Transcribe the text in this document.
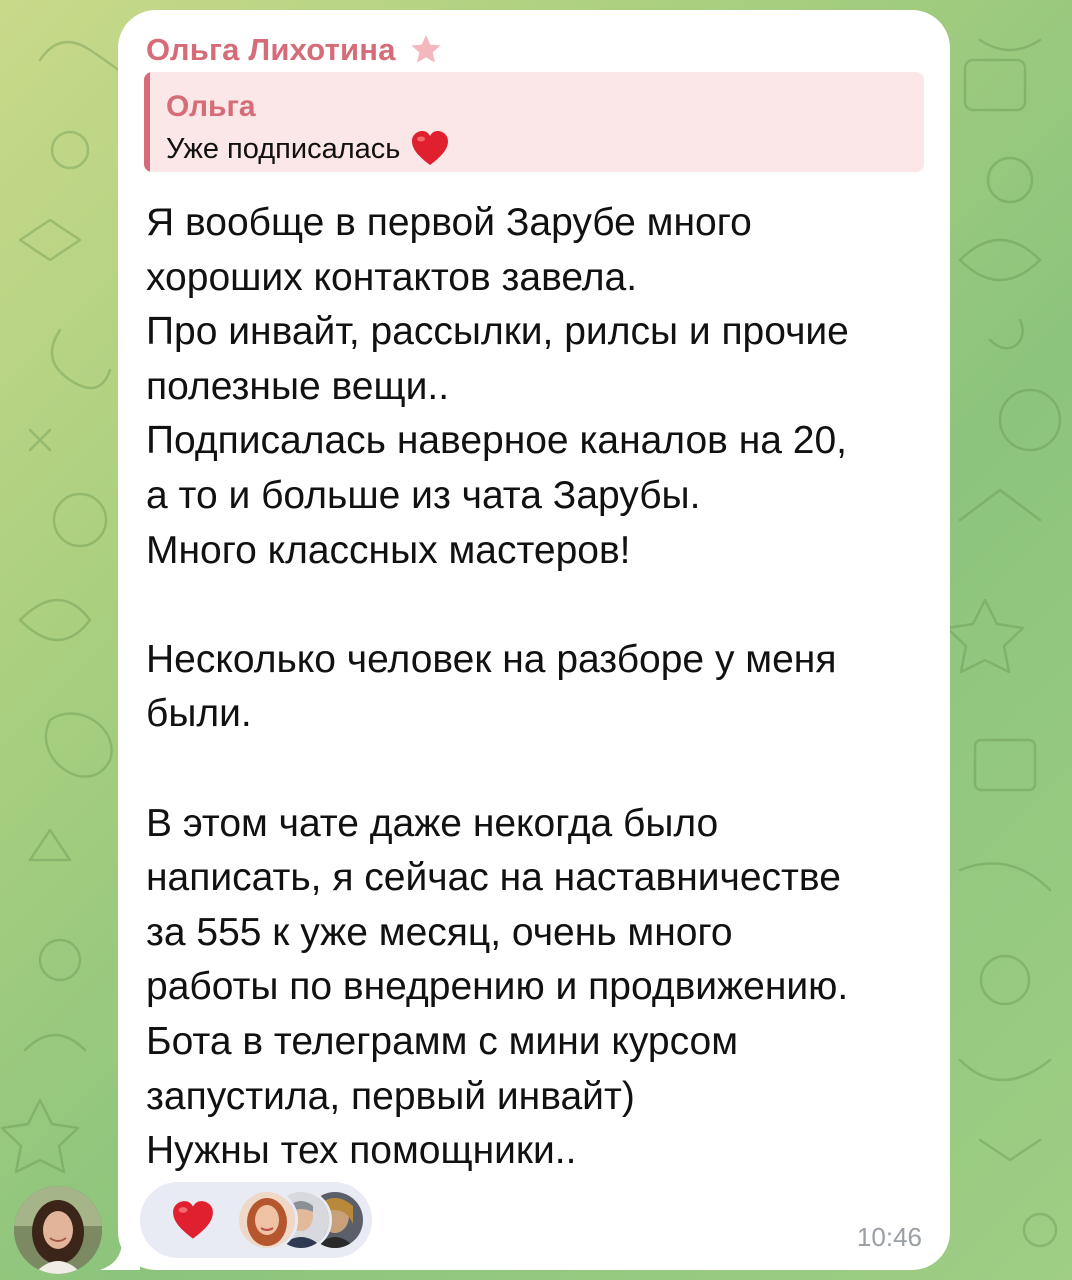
Ольга Лихотина
Ольга
Уже подписалась
Я вообще в первой Зарубе много
хороших контактов завела.
Про инвайт, рассылки, рилсы и прочие
полезные вещи..
Подписалась наверное каналов на 20,
а то и больше из чата Зарубы.
Много классных мастеров!
Несколько человек на разборе у меня
были.
В этом чате даже некогда было
написать, я сейчас на наставничестве
за 555 к уже месяц, очень много
работы по внедрению и продвижению.
Бота в телеграмм с мини курсом
запустила, первый инвайт)
Нужны тех помощники..
10:46
